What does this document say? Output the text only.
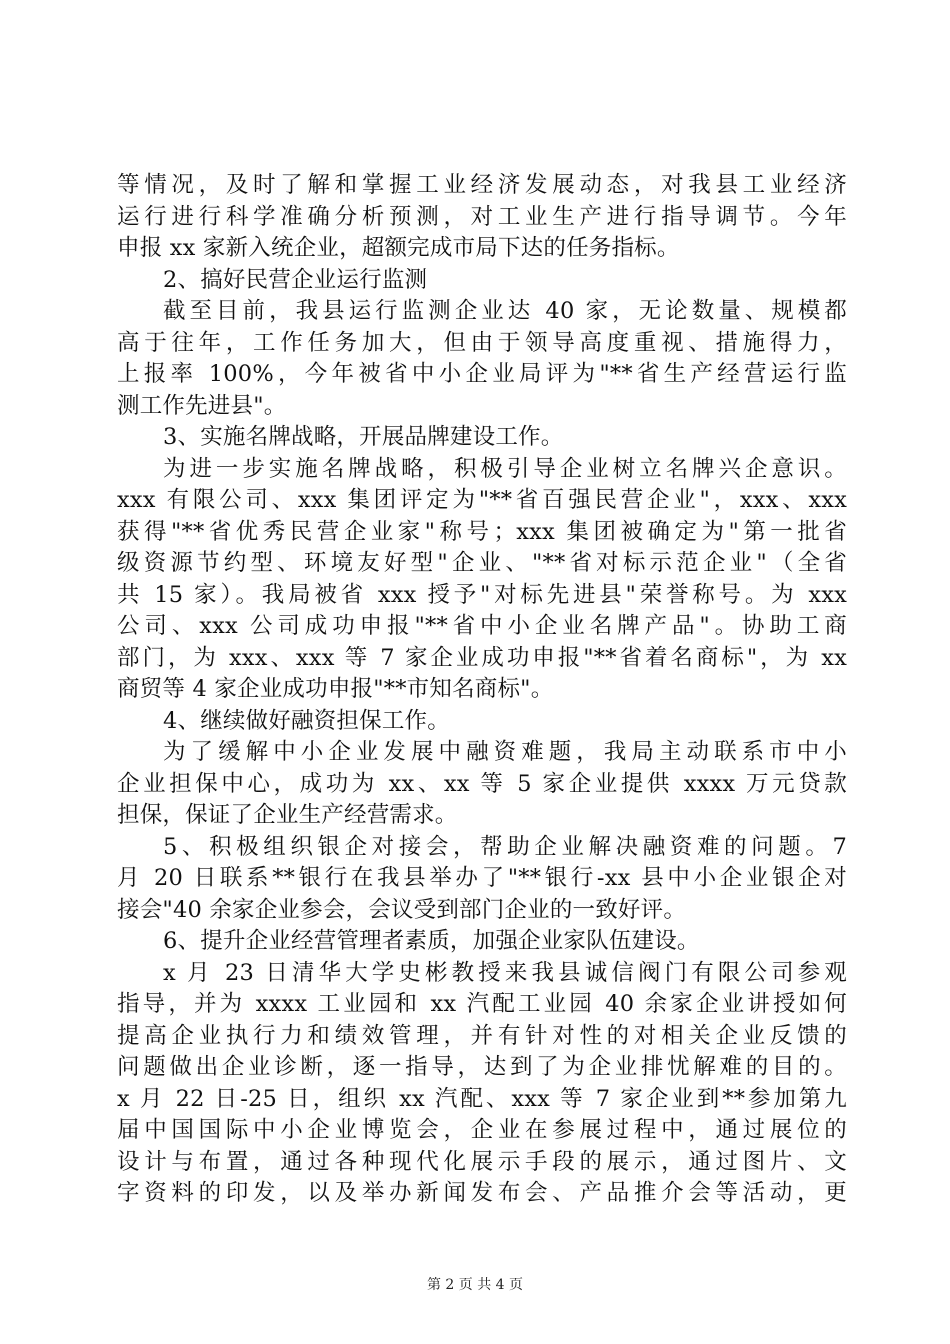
等情况，及时了解和掌握工业经济发展动态，对我县工业经济
运行进行科学准确分析预测，对工业生产进行指导调节。今年
申报 xx 家新入统企业，超额完成市局下达的任务指标。
2、搞好民营企业运行监测
截至目前，我县运行监测企业达 40 家，无论数量、规模都
高于往年，工作任务加大，但由于领导高度重视、措施得力，
上报率 100%，今年被省中小企业局评为"**省生产经营运行监
测工作先进县"。
3、实施名牌战略，开展品牌建设工作。
为进一步实施名牌战略，积极引导企业树立名牌兴企意识。
xxx 有限公司、xxx 集团评定为"**省百强民营企业"，xxx、xxx
获得"**省优秀民营企业家"称号；xxx 集团被确定为"第一批省
级资源节约型、环境友好型"企业、"**省对标示范企业"（全省
共 15 家）。我局被省 xxx 授予"对标先进县"荣誉称号。为 xxx
公司、xxx 公司成功申报"**省中小企业名牌产品"。协助工商
部门，为 xxx、xxx 等 7 家企业成功申报"**省着名商标"，为 xx
商贸等 4 家企业成功申报"**市知名商标"。
4、继续做好融资担保工作。
为了缓解中小企业发展中融资难题，我局主动联系市中小
企业担保中心，成功为 xx、xx 等 5 家企业提供 xxxx 万元贷款
担保，保证了企业生产经营需求。
5、积极组织银企对接会，帮助企业解决融资难的问题。7
月 20 日联系**银行在我县举办了"**银行-xx 县中小企业银企对
接会"40 余家企业参会，会议受到部门企业的一致好评。
6、提升企业经营管理者素质，加强企业家队伍建设。
x 月 23 日清华大学史彬教授来我县诚信阀门有限公司参观
指导，并为 xxxx 工业园和 xx 汽配工业园 40 余家企业讲授如何
提高企业执行力和绩效管理，并有针对性的对相关企业反馈的
问题做出企业诊断，逐一指导，达到了为企业排忧解难的目的。
x 月 22 日-25 日，组织 xx 汽配、xxx 等 7 家企业到**参加第九
届中国国际中小企业博览会，企业在参展过程中，通过展位的
设计与布置，通过各种现代化展示手段的展示，通过图片、文
字资料的印发，以及举办新闻发布会、产品推介会等活动，更
第 2 页 共 4 页
